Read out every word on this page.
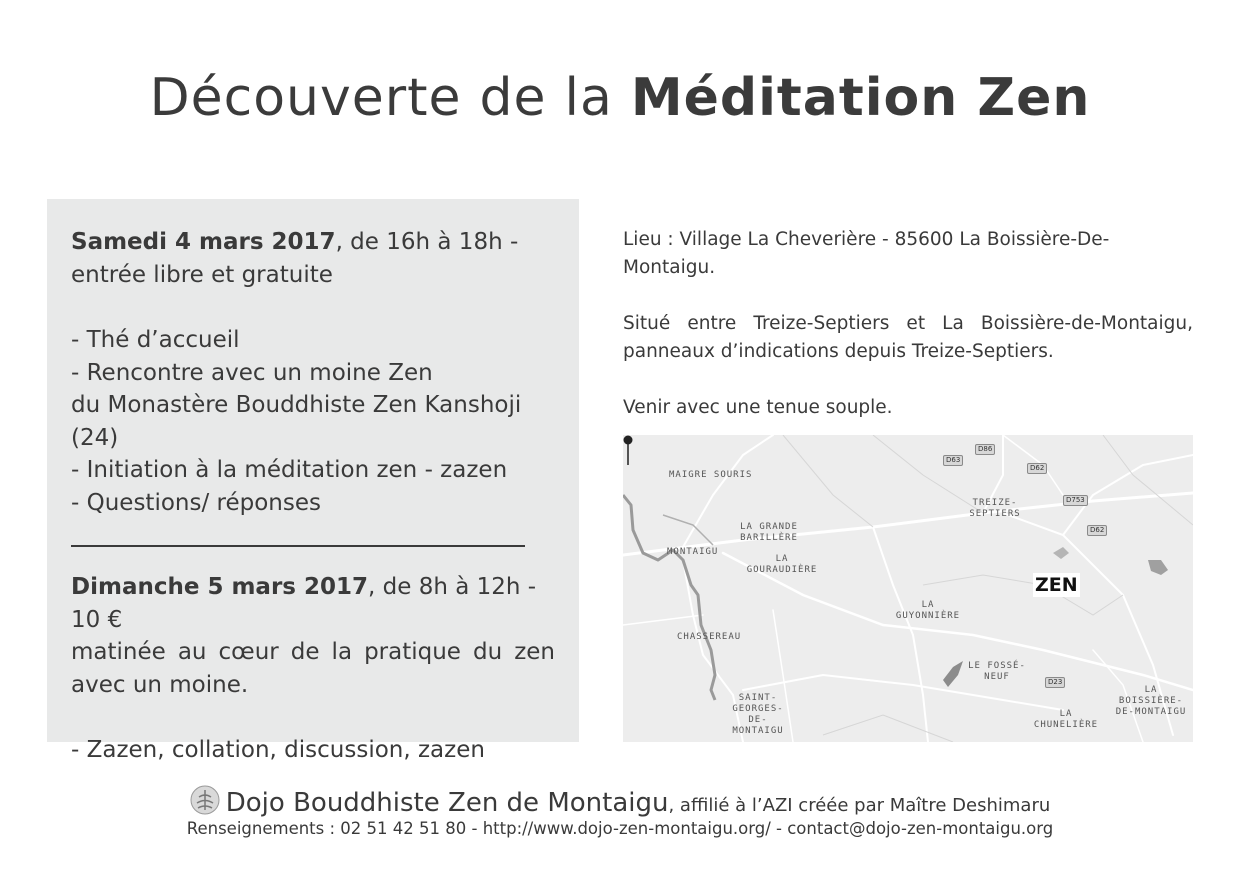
Découverte de la Méditation Zen

Samedi 4 mars 2017, de 16h à 18h -

entrée libre et gratuite

- Thé d’accueil

- Rencontre avec un moine Zen

du Monastère Bouddhiste Zen Kanshoji (24)

- Initiation à la méditation zen - zazen

- Questions/ réponses

Dimanche 5 mars 2017, de 8h à 12h - 10 €

matinée au cœur de la pratique du zen avec un moine.

- Zazen, collation, discussion, zazen

Lieu : Village La Cheverière - 85600 La Boissière-De-Montaigu.

Situé entre Treize-Septiers et La Boissière-de-Montaigu, panneaux d’indications depuis Treize-Septiers.

Venir avec une tenue souple.

MAIGRE SOURIS
LA GRANDE BARILLÈRE
MONTAIGU
LA GOURAUDIÈRE
TREIZE-SEPTIERS
LA GUYONNIÈRE
CHASSEREAU
LE FOSSÉ-NEUF
SAINT-GEORGES-DE-MONTAIGU
LA BOISSIÈRE-DE-MONTAIGU
LA CHUNELIÈRE
D86
D63
D62
D753
D62
D23
ZEN
Dojo Bouddhiste Zen de Montaigu, affilié à l’AZI créée par Maître Deshimaru
Renseignements : 02 51 42 51 80 - http://www.dojo-zen-montaigu.org/ - contact@dojo-zen-montaigu.org
